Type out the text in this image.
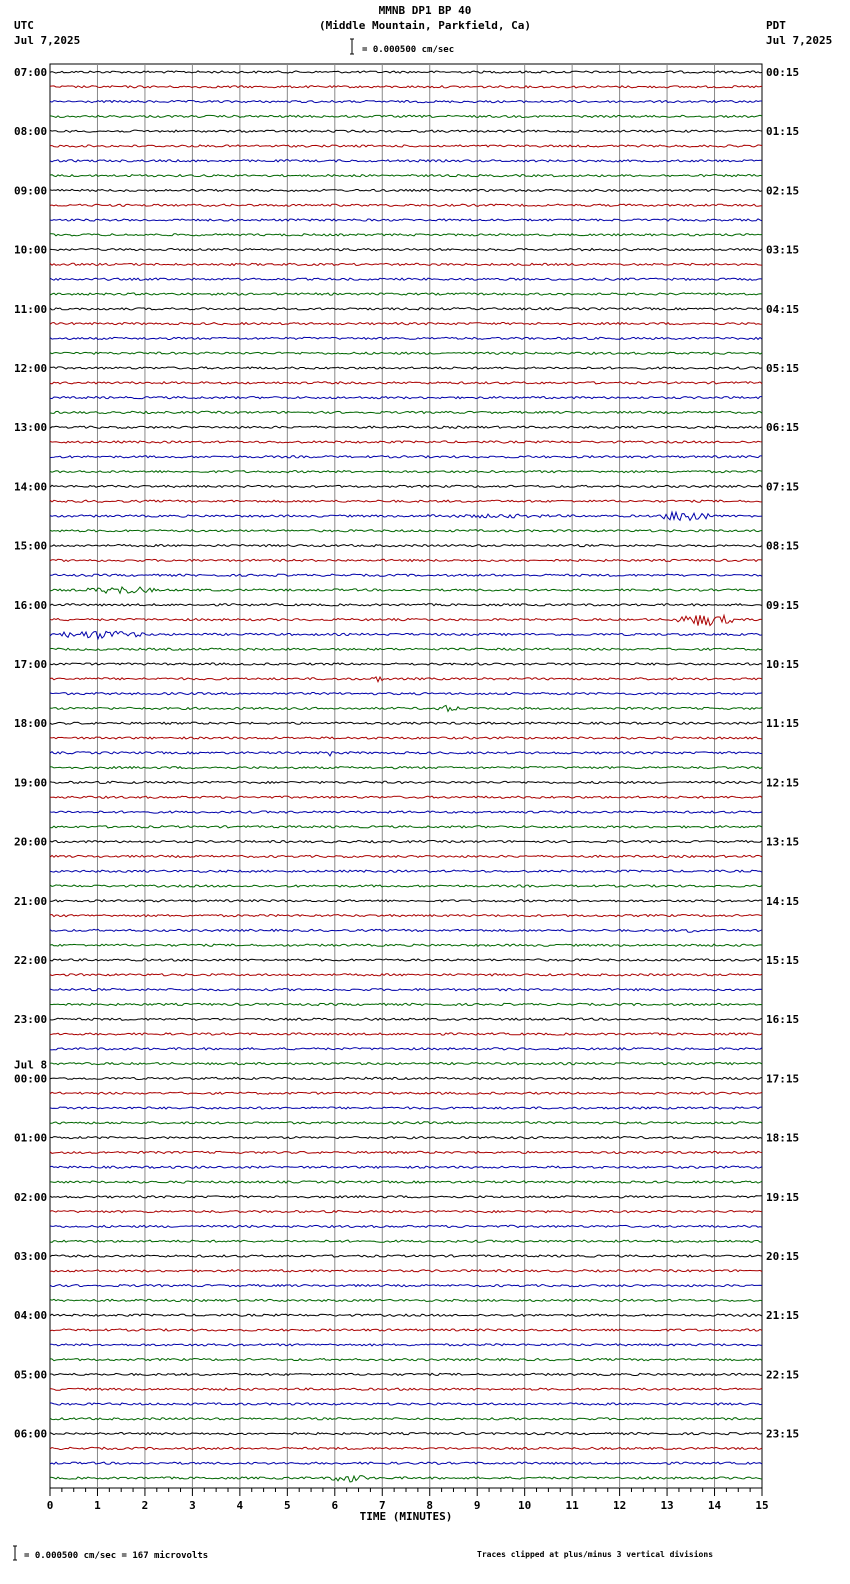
MMNB DP1 BP 40
(Middle Mountain, Parkfield, Ca)
UTC
Jul 7,2025
PDT
Jul 7,2025
= 0.000500 cm/sec
= 0.000500 cm/sec = 167 microvolts	Traces clipped at plus/minus 3 vertical divisions
07:00
08:00
09:00
10:00
11:00
12:00
13:00
14:00
15:00
16:00
17:00
18:00
19:00
20:00
21:00
22:00
23:00
00:00
01:00
02:00
03:00
04:00
05:00
06:00
Jul 8
00:15
01:15
02:15
03:15
04:15
05:15
06:15
07:15
08:15
09:15
10:15
11:15
12:15
13:15
14:15
15:15
16:15
17:15
18:15
19:15
20:15
21:15
22:15
23:15
0	1	2	3	4	5	6	7	8	9	10	11	12	13	14	15
TIME (MINUTES)
